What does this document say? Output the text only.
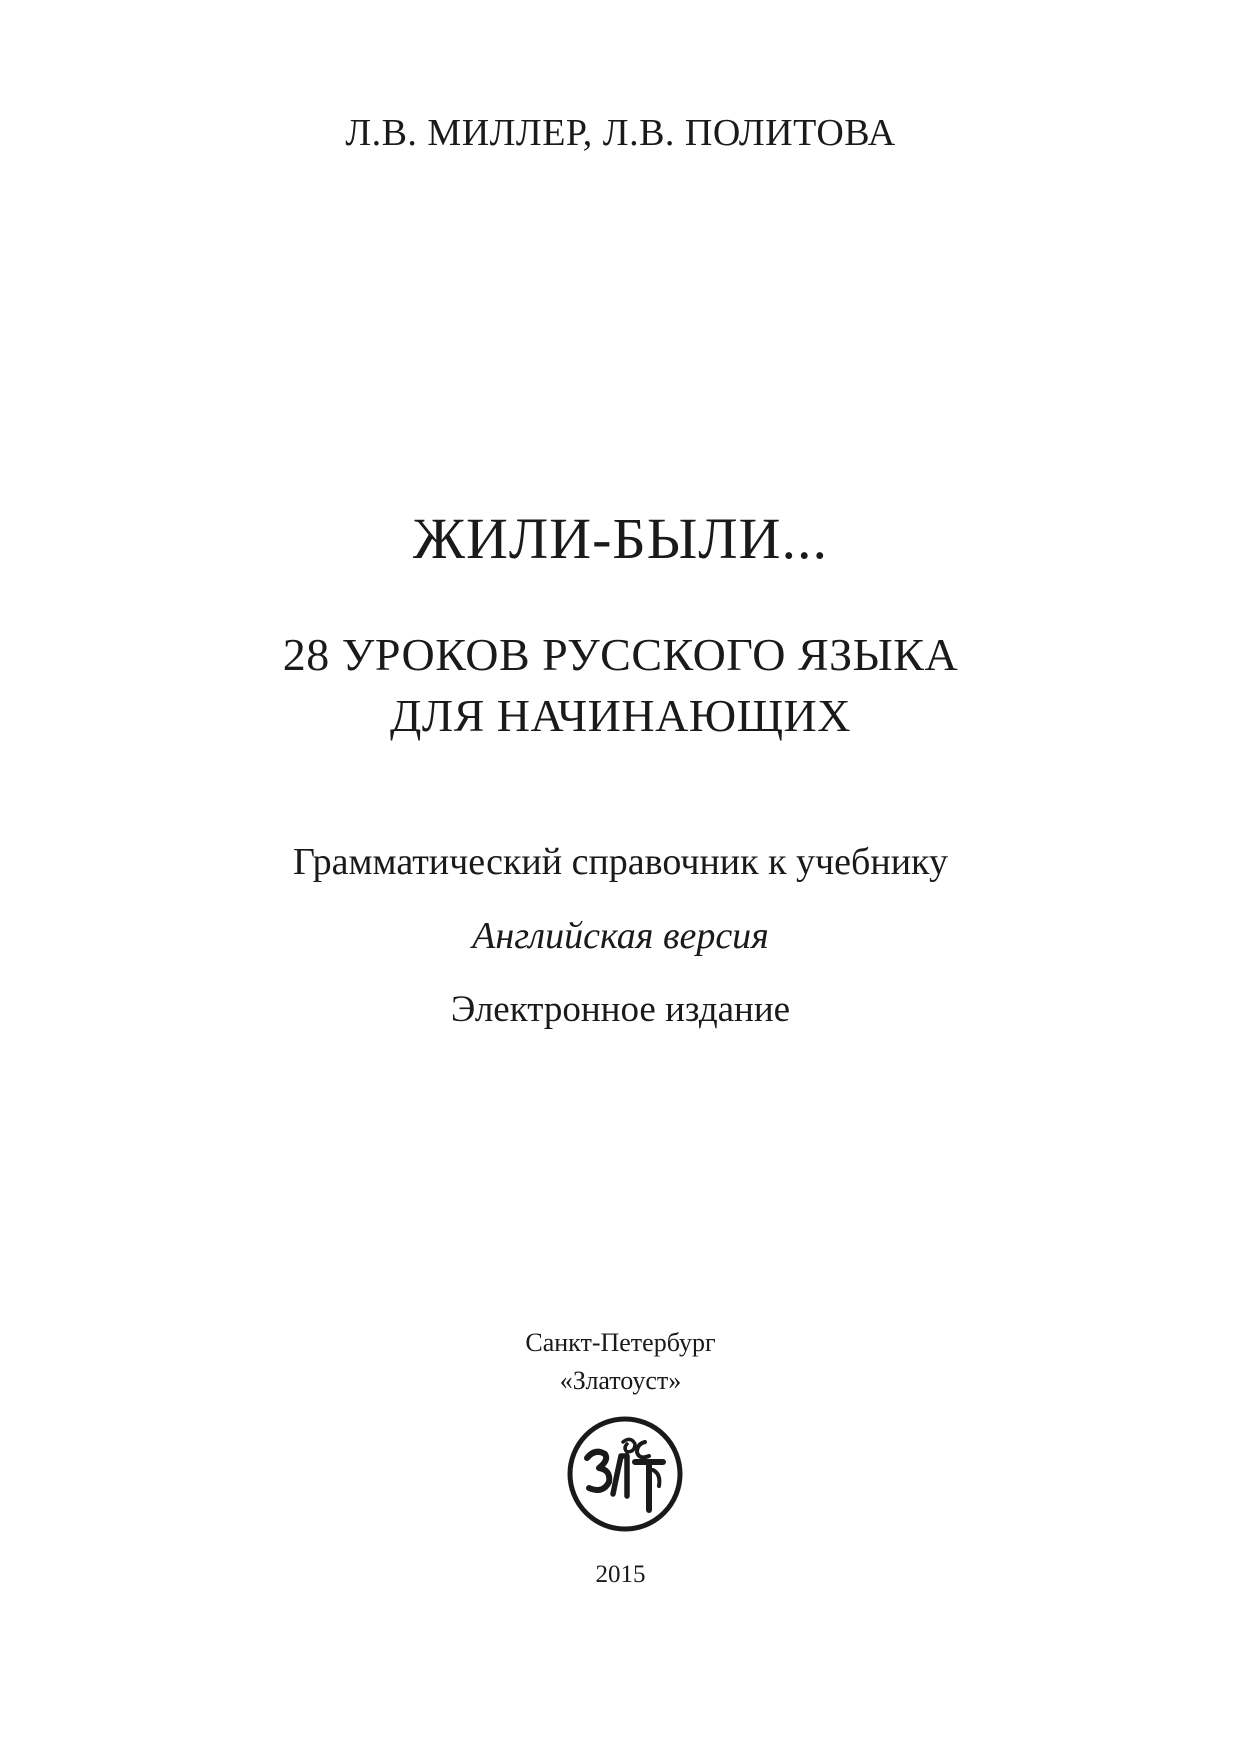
Л.В. МИЛЛЕР, Л.В. ПОЛИТОВА
ЖИЛИ-БЫЛИ...
28 УРОКОВ РУССКОГО ЯЗЫКА
ДЛЯ НАЧИНАЮЩИХ
Грамматический справочник к учебнику
Английская версия
Электронное издание
Санкт-Петербург
«Златоуст»
2015
